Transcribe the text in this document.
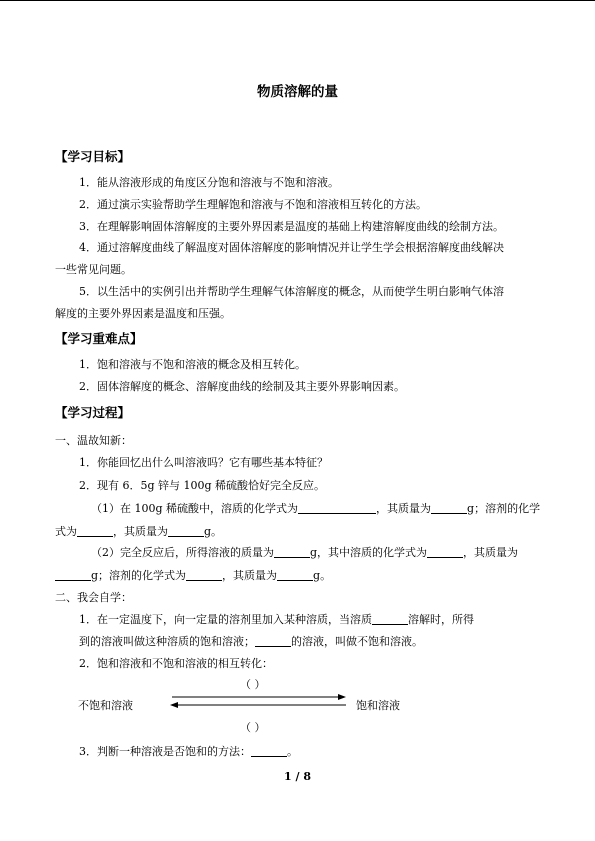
物质溶解的量
【学习目标】
1．能从溶液形成的角度区分饱和溶液与不饱和溶液。
2．通过演示实验帮助学生理解饱和溶液与不饱和溶液相互转化的方法。
3．在理解影响固体溶解度的主要外界因素是温度的基础上构建溶解度曲线的绘制方法。
4．通过溶解度曲线了解温度对固体溶解度的影响情况并让学生学会根据溶解度曲线解决
一些常见问题。
5．以生活中的实例引出并帮助学生理解气体溶解度的概念，从而使学生明白影响气体溶
解度的主要外界因素是温度和压强。
【学习重难点】
1．饱和溶液与不饱和溶液的概念及相互转化。
2．固体溶解度的概念、溶解度曲线的绘制及其主要外界影响因素。
【学习过程】
一、温故知新：
1．你能回忆出什么叫溶液吗？它有哪些基本特征？
2．现有 6．5g 锌与 100g 稀硫酸恰好完全反应。
（1）在 100g 稀硫酸中，溶质的化学式为	，其质量为	g；溶剂的化学
式为	，其质量为	g。
（2）完全反应后，所得溶液的质量为	g，其中溶质的化学式为	，其质量为
g；溶剂的化学式为	，其质量为	g。
二、我会自学：
1．在一定温度下，向一定量的溶剂里加入某种溶质，当溶质	溶解时，所得
到的溶液叫做这种溶质的饱和溶液；	的溶液，叫做不饱和溶液。
2．饱和溶液和不饱和溶液的相互转化：
（ ）
不饱和溶液	饱和溶液
（ ）
3．判断一种溶液是否饱和的方法：	。
1 / 8
